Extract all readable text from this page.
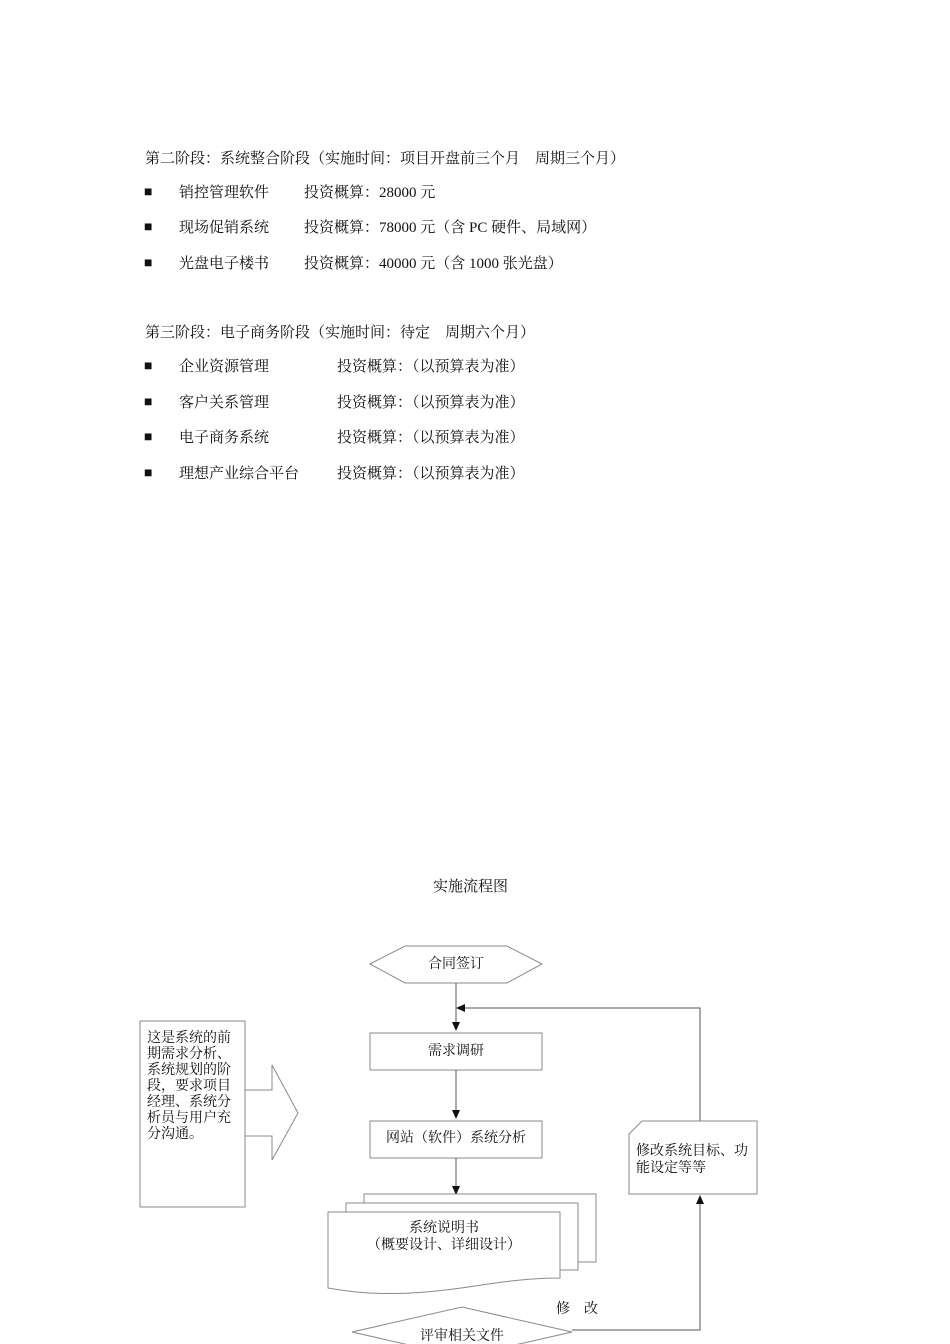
第二阶段：系统整合阶段（实施时间：项目开盘前三个月　周期三个月）
■ 销控管理软件 投资概算：28000 元
■ 现场促销系统 投资概算：78000 元（含 PC 硬件、局域网）
■ 光盘电子楼书 投资概算：40000 元（含 1000 张光盘）
第三阶段：电子商务阶段（实施时间：待定　周期六个月）
■ 企业资源管理	投资概算：（以预算表为准）
■ 客户关系管理	投资概算：（以预算表为准）
■ 电子商务系统	投资概算：（以预算表为准）
■ 理想产业综合平台	投资概算：（以预算表为准）
实施流程图
合同签订
需求调研
网站（软件）系统分析
系统说明书
（概要设计、详细设计）
评审相关文件
修　改
修改系统目标、功
能设定等等
这是系统的前
期需求分析、
系统规划的阶
段，要求项目
经理、系统分
析员与用户充
分沟通。
